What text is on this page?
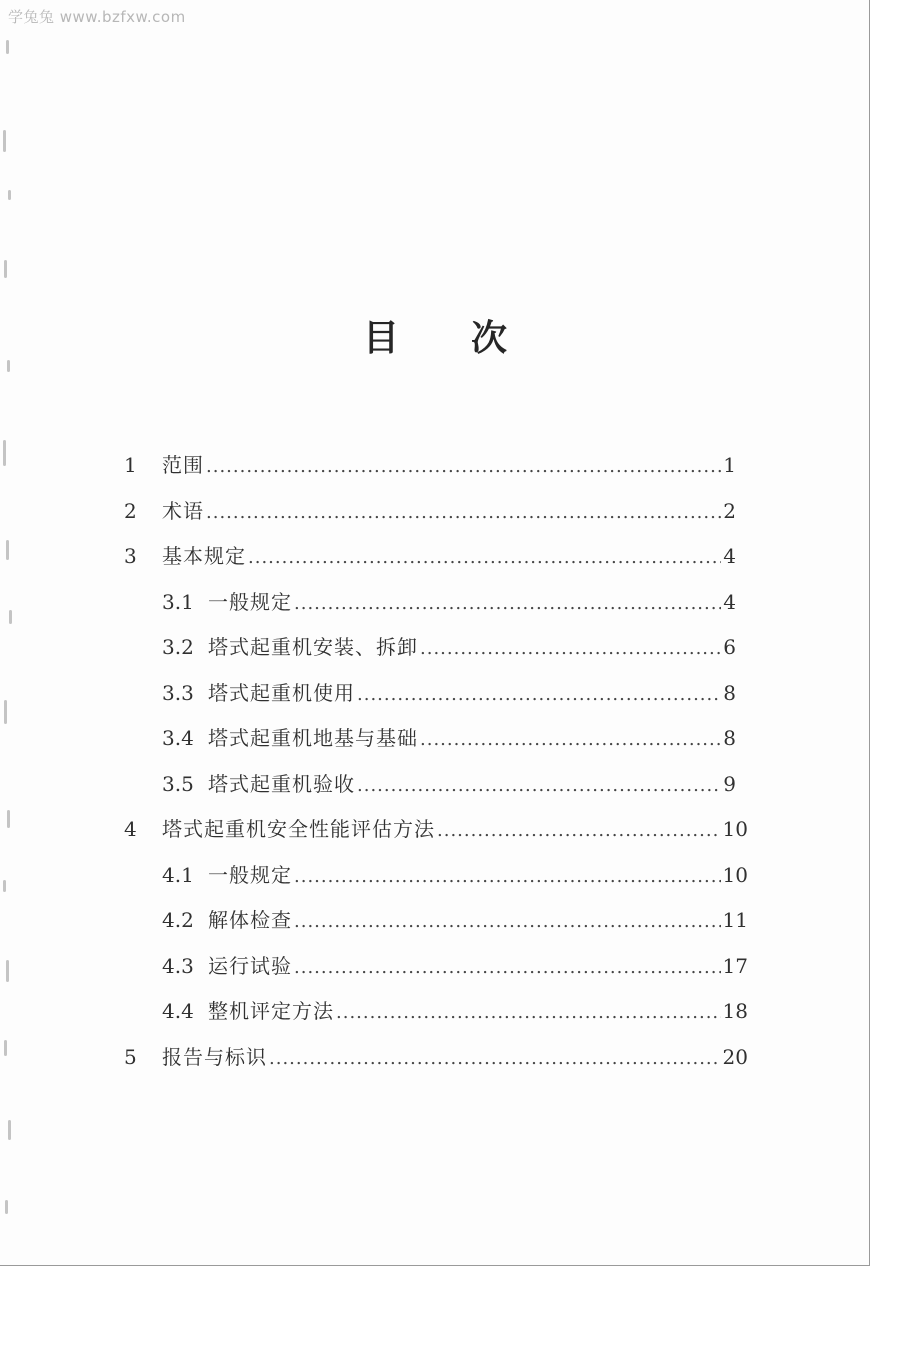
目 次
1	范围 .....	1
2	术语 .....	2
3	基本规定 .....	4
3.1 一般规定 .....	4
3.2 塔式起重机安装、拆卸 .....	6
3.3 塔式起重机使用 .....	8
3.4 塔式起重机地基与基础 .....	8
3.5 塔式起重机验收 .....	9
4	塔式起重机安全性能评估方法 .....	10
4.1 一般规定 .....	10
4.2 解体检查 .....	11
4.3 运行试验 .....	17
4.4 整机评定方法 .....	18
5	报告与标识 .....	20
学兔兔 www.bzfxw.com
